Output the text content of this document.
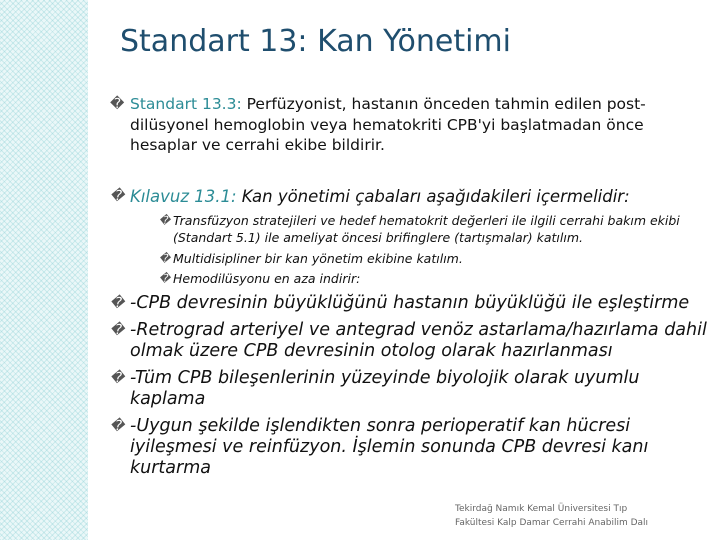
Standart 13: Kan Yönetimi
� Standart 13.3: Perfüzyonist, hastanın önceden tahmin edilen post-dilüsyonel hemoglobin veya hematokriti CPB'yi başlatmadan önce hesaplar ve cerrahi ekibe bildirir.
� Kılavuz 13.1: Kan yönetimi çabaları aşağıdakileri içermelidir:
� Transfüzyon stratejileri ve hedef hematokrit değerleri ile ilgili cerrahi bakım ekibi (Standart 5.1) ile ameliyat öncesi brifinglere (tartışmalar) katılım.
� Multidisipliner bir kan yönetim ekibine katılım.
� Hemodilüsyonu en aza indirir:
� -CPB devresinin büyüklüğünü hastanın büyüklüğü ile eşleştirme
� -Retrograd arteriyel ve antegrad venöz astarlama/hazırlama dahil olmak üzere CPB devresinin otolog olarak hazırlanması
� -Tüm CPB bileşenlerinin yüzeyinde biyolojik olarak uyumlu kaplama
� -Uygun şekilde işlendikten sonra perioperatif kan hücresi iyileşmesi ve reinfüzyon. İşlemin sonunda CPB devresi kanı kurtarma
Tekirdağ Namık Kemal Üniversitesi Tıp
Fakültesi Kalp Damar Cerrahi Anabilim Dalı
